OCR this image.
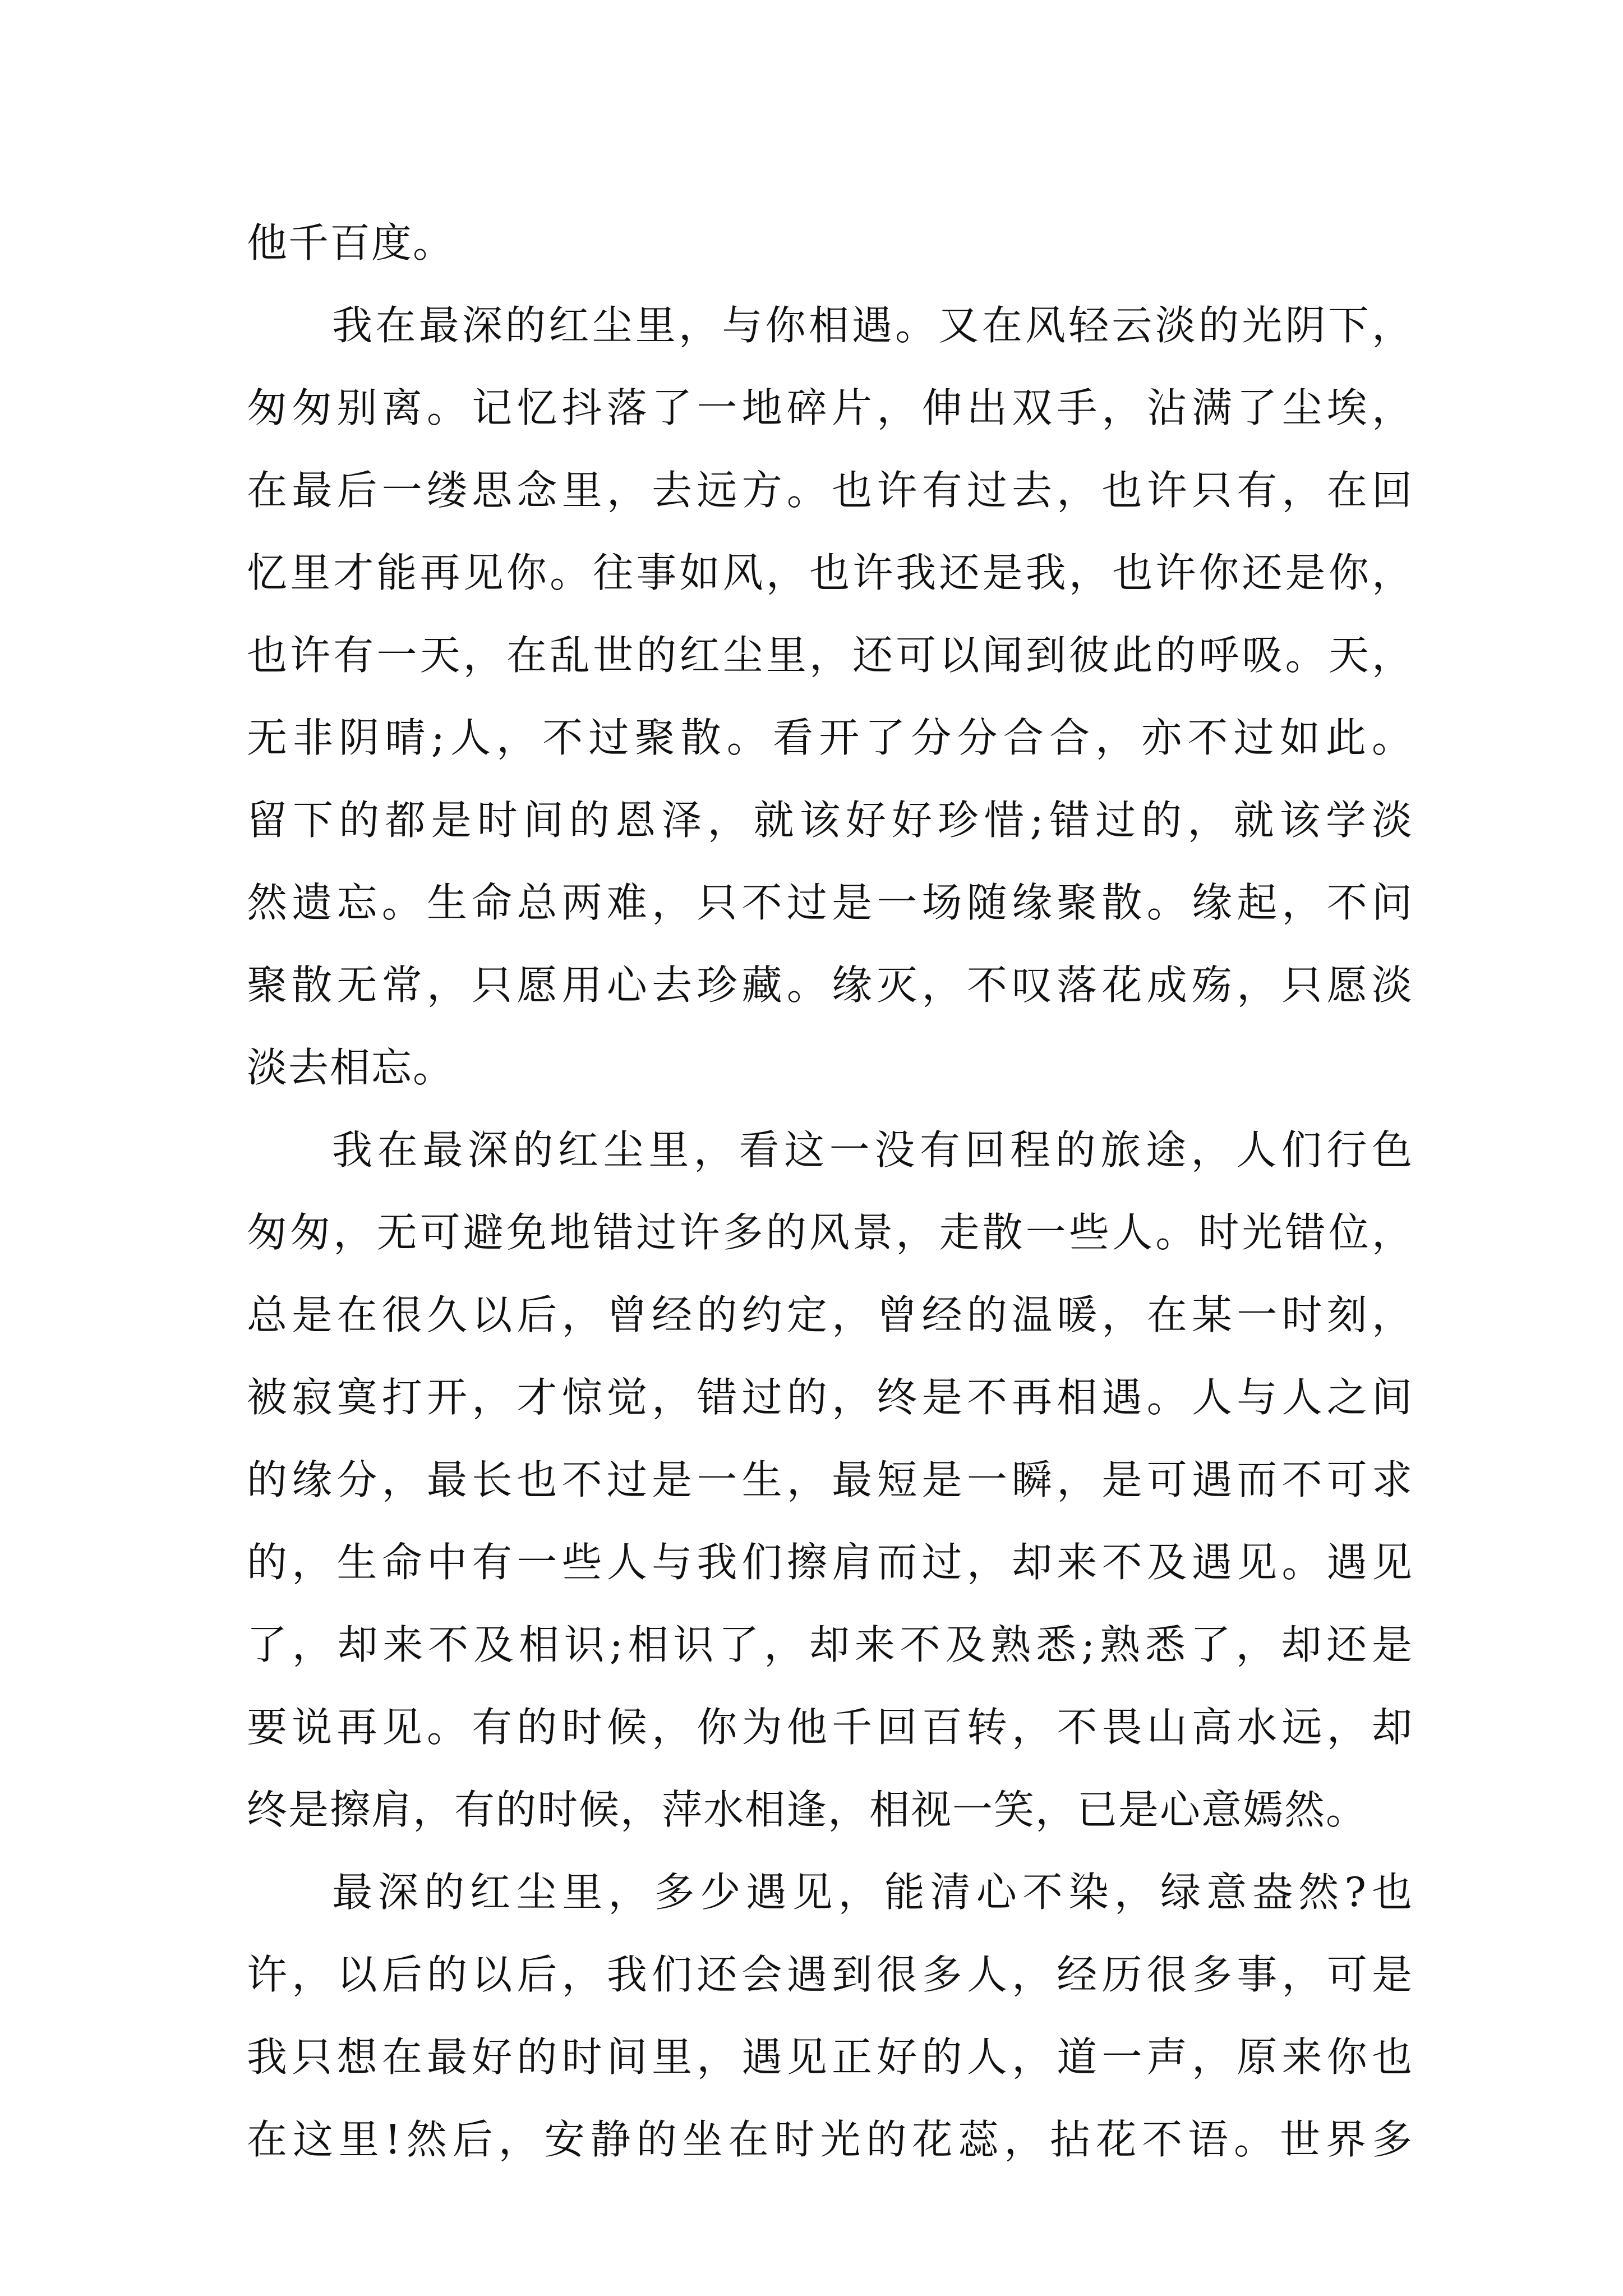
他千百度。
我在最深的红尘里，与你相遇。又在风轻云淡的光阴下，
匆匆别离。记忆抖落了一地碎片，伸出双手，沾满了尘埃，
在最后一缕思念里，去远方。也许有过去，也许只有，在回
忆里才能再见你。往事如风，也许我还是我，也许你还是你，
也许有一天，在乱世的红尘里，还可以闻到彼此的呼吸。天，
无非阴晴;人，不过聚散。看开了分分合合，亦不过如此。
留下的都是时间的恩泽，就该好好珍惜;错过的，就该学淡
然遗忘。生命总两难，只不过是一场随缘聚散。缘起，不问
聚散无常，只愿用心去珍藏。缘灭，不叹落花成殇，只愿淡
淡去相忘。
我在最深的红尘里，看这一没有回程的旅途，人们行色
匆匆，无可避免地错过许多的风景，走散一些人。时光错位，
总是在很久以后，曾经的约定，曾经的温暖，在某一时刻，
被寂寞打开，才惊觉，错过的，终是不再相遇。人与人之间
的缘分，最长也不过是一生，最短是一瞬，是可遇而不可求
的，生命中有一些人与我们擦肩而过，却来不及遇见。遇见
了，却来不及相识;相识了，却来不及熟悉;熟悉了，却还是
要说再见。有的时候，你为他千回百转，不畏山高水远，却
终是擦肩，有的时候，萍水相逢，相视一笑，已是心意嫣然。
最深的红尘里，多少遇见，能清心不染，绿意盎然?也
许，以后的以后，我们还会遇到很多人，经历很多事，可是
我只想在最好的时间里，遇见正好的人，道一声，原来你也
在这里!然后，安静的坐在时光的花蕊，拈花不语。世界多
